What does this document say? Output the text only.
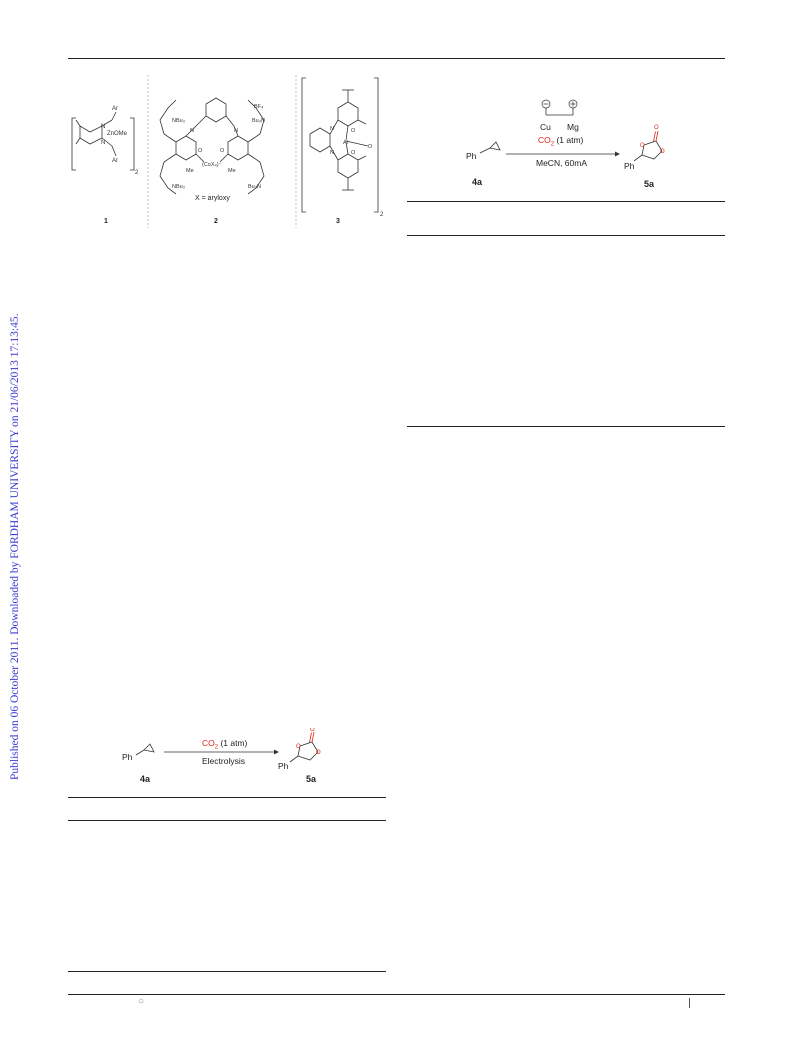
Published on 06 October 2011. Downloaded by FORDHAM UNIVERSITY on 21/06/2013 17:13:45.
Ar
N
ZnOMe
N
Ar
2
1
NBu₃	Bu₃N
N	N
BF₄
O	O
(CoX₄)⁻
Me	Me
NBu₃	Bu₃N
X = aryloxy
2
N
N
O
O
Al
O
2
3
O
O
O
Cu Mg
$CO_2$ (1 atm)
MeCN, 60mA
Ph
Ph
4a	5a
O
O
O
$CO_2$ (1 atm)
Electrolysis
Ph
Ph
4a	5a
○
